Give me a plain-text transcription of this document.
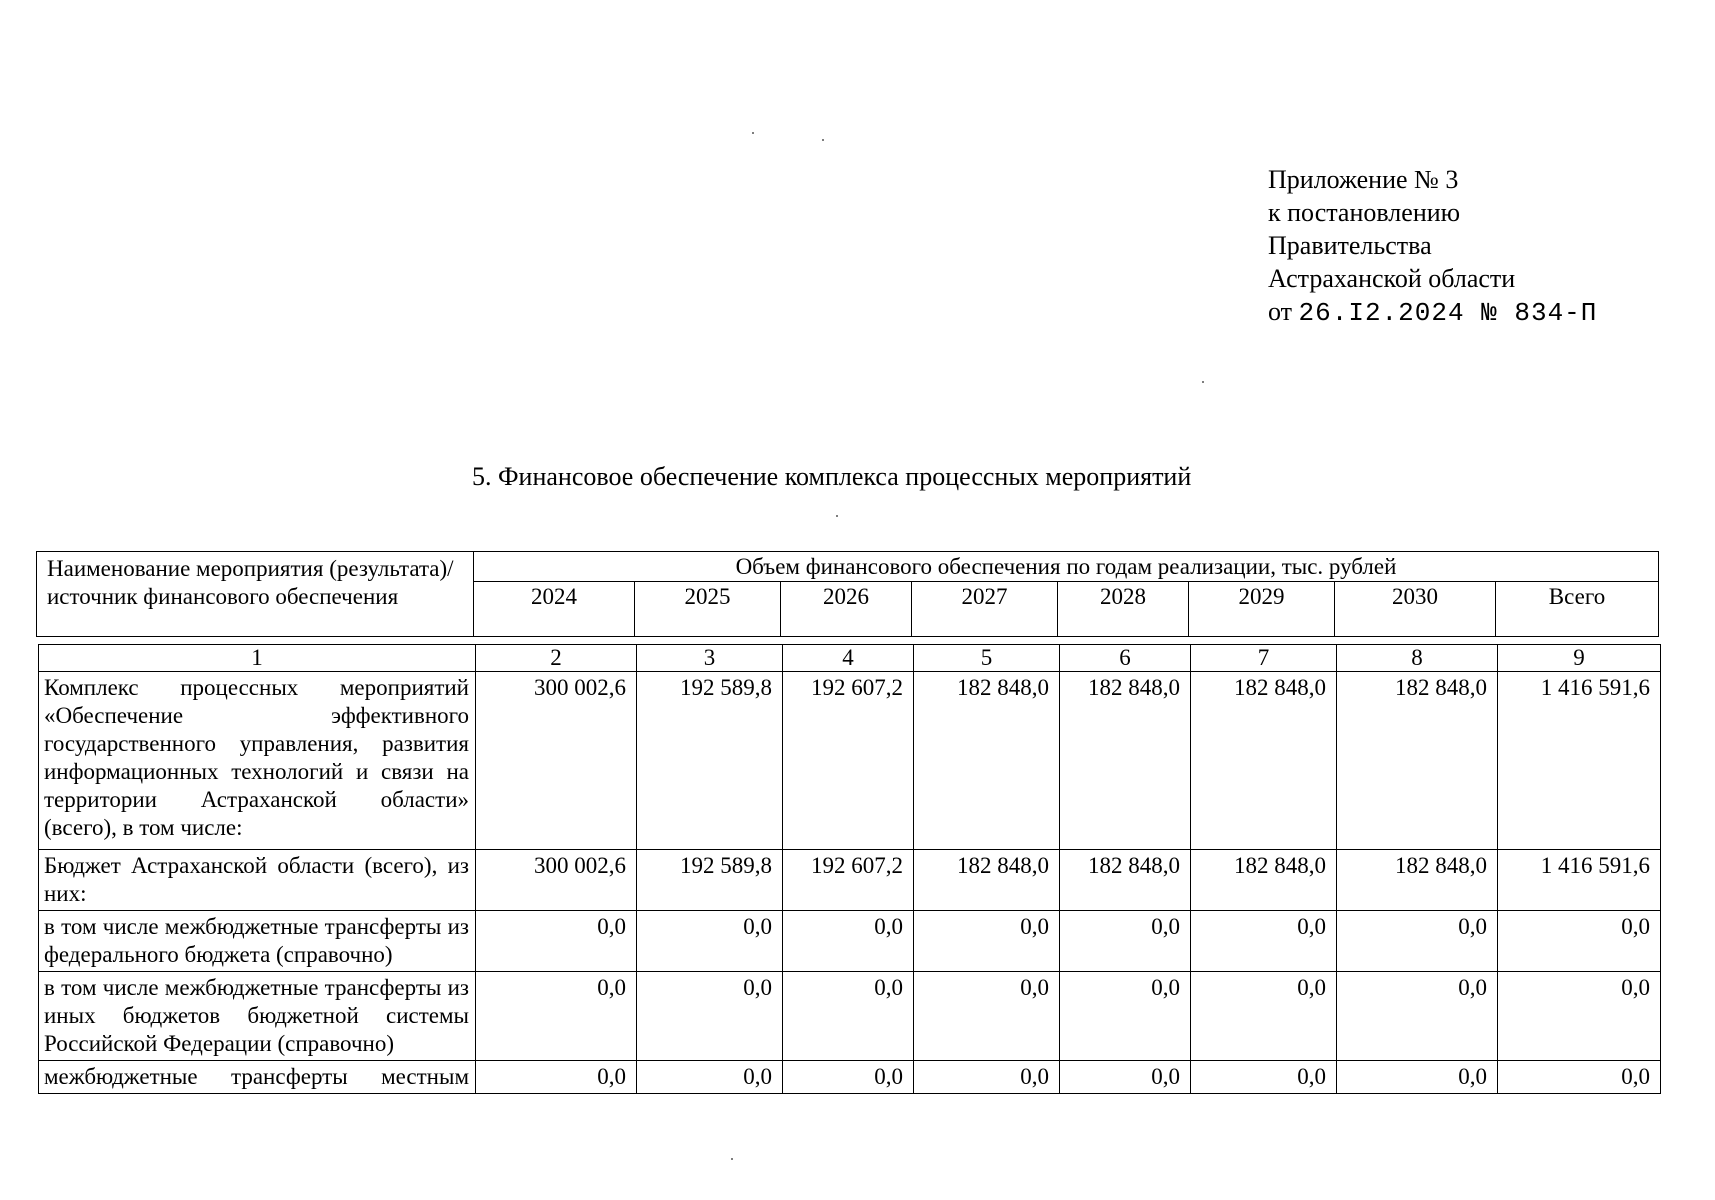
Приложение № 3
к постановлению
Правительства
Астраханской области
от 26.I2.2024 № 834-П
5. Финансовое обеспечение комплекса процессных мероприятий
Наименование мероприятия (результата)/источник финансового обеспечения	Объем финансового обеспечения по годам реализации, тыс. рублей							
	2024	2025	2026	2027	2028	2029	2030	Всего
1	2	3	4	5	6	7	8	9
Комплекс процессных мероприятий «Обеспечение эффективного государственного управления, развития информационных технологий и связи на территории Астраханской области» (всего), в том числе:	300 002,6	192 589,8	192 607,2	182 848,0	182 848,0	182 848,0	182 848,0	1 416 591,6
Бюджет Астраханской области (всего), из них:	300 002,6	192 589,8	192 607,2	182 848,0	182 848,0	182 848,0	182 848,0	1 416 591,6
в том числе межбюджетные трансферты из федерального бюджета (справочно)	0,0	0,0	0,0	0,0	0,0	0,0	0,0	0,0
в том числе межбюджетные трансферты из иных бюджетов бюджетной системы Российской Федерации (справочно)	0,0	0,0	0,0	0,0	0,0	0,0	0,0	0,0
межбюджетные трансферты местным	0,0	0,0	0,0	0,0	0,0	0,0	0,0	0,0
